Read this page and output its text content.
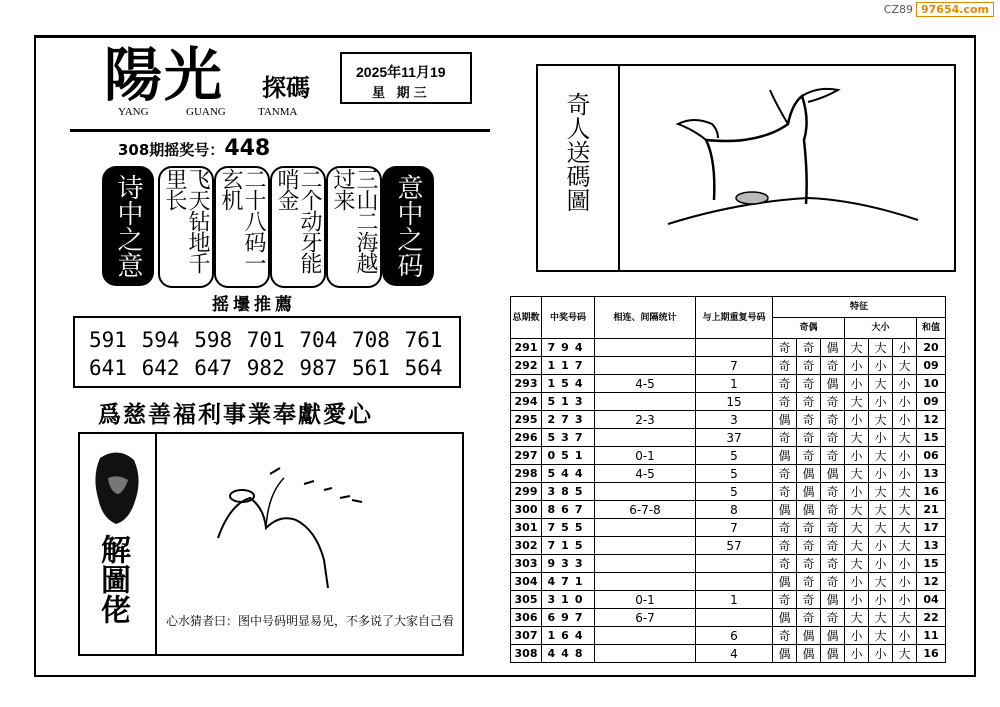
CZ89 97654.com
陽光 探碼
YANG	GUANG	TANMA
2025年11月19
星 期三
308期摇奖号：448
诗中之意	飞天钻地千里长	二十八码一玄机	二个动牙能哨金	三山二海越过来	意中之码
摇壜推薦
591 594 598 701 704 708 761
641 642 647 982 987 561 564
爲慈善福利事業奉獻愛心
解圖佬	心水猜者曰：图中号码明显易见，不多说了大家自己看
奇人送碼圖
总期数	中奖号码	相连、间隔统计	与上期重复号码	特征						
				奇偶			大小			和值
291	794			奇	奇	偶	大	大	小	20
292	117		7	奇	奇	奇	小	小	大	09
293	154	4-5	1	奇	奇	偶	小	大	小	10
294	513		15	奇	奇	奇	大	小	小	09
295	273	2-3	3	偶	奇	奇	小	大	小	12
296	537		37	奇	奇	奇	大	小	大	15
297	051	0-1	5	偶	奇	奇	小	大	小	06
298	544	4-5	5	奇	偶	偶	大	小	小	13
299	385		5	奇	偶	奇	小	大	大	16
300	867	6-7-8	8	偶	偶	奇	大	大	大	21
301	755		7	奇	奇	奇	大	大	大	17
302	715		57	奇	奇	奇	大	小	大	13
303	933			奇	奇	奇	大	小	小	15
304	471			偶	奇	奇	小	大	小	12
305	310	0-1	1	奇	奇	偶	小	小	小	04
306	697	6-7		偶	奇	奇	大	大	大	22
307	164		6	奇	偶	偶	小	大	小	11
308	448		4	偶	偶	偶	小	小	大	16
